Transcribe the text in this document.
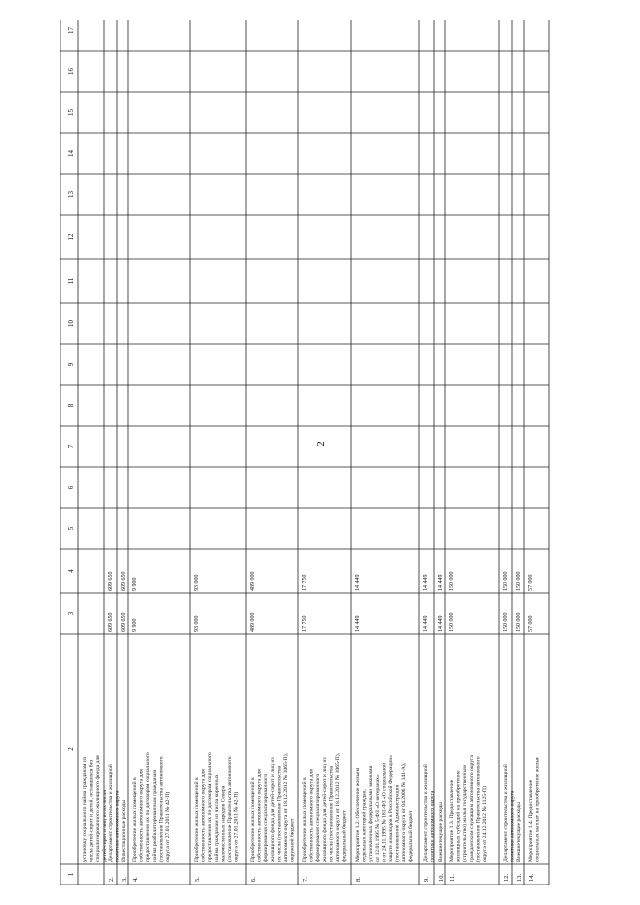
2
1
2
3
4
5
6
7
8
9
10
11
12
13
14
15
16
17
установку социального найма гражданам из числа детей-сирот и детей, оставшихся без специализированного жилищного фонда для детей-сирот и лиц из их числа
2.
Департамент строительства и жилищной политики автономного округа
609 650
609 650
3.
Инвестиционные расходы
609 650
609 650
4.
Приобретение жилых помещений в собственность автономного округа для предоставления их по договорам социального найма реабилитированным гражданам (постановление Правительства автономного округа от 27.01.2011 № 42-П)
9 900
9 900
5.
Приобретение жилых помещений в собственность автономного округа для предоставления их по договорам социального найма гражданам из числа коренных малочисленных народов Севера (постановление Правительства автономного округа от 27.01.2011 № 42-П)
93 000
93 000
6.
Приобретение жилых помещений в собственность автономного округа для формирования специализированного жилищного фонда для детей-сирот и лиц из их числа (постановление Правительства автономного округа от 18.12.2012 № 1065-П), окружной бюджет
489 000
489 000
7.
Приобретение жилых помещений в собственность автономного округа для формирования специализированного жилищного фонда для детей-сирот и лиц из их числа (постановление Правительства автономного округа от 18.12.2012 № 1065-П), федеральный бюджет
17 750
17 750
8.
Мероприятие 1.2. Обеспечение жильем отдельных категорий граждан, установленных федеральными законами от 12.01.1995 № 5-ФЗ «О ветеранах» и от 24.11.1995 № 181-ФЗ «О социальной защите инвалидов в Российской Федерации» (постановление Администрации автономного округа от 04.2006 № 141-А), федеральный бюджет
14 449
14 449
9.
Департамент строительства и жилищной политики автономного округа
14 449
14 449
10.
Внешнетекущие расходы
14 449
14 449
11.
Мероприятие 1.3. Предоставление жилищных субсидий на приобретение (строительство) жилья государственным гражданским служащим автономного округа (постановление Правительства автономного округа от 24.12.2012 № 1125-П)
150 000
150 000
12.
Департамент строительства и жилищной политики автономного округа
150 000
150 000
13.
Внешнетекущие расходы
150 000
150 000
14.
Мероприятие 1.4. Предоставление социальных выплат на приобретение жилья
57 000
57 000
